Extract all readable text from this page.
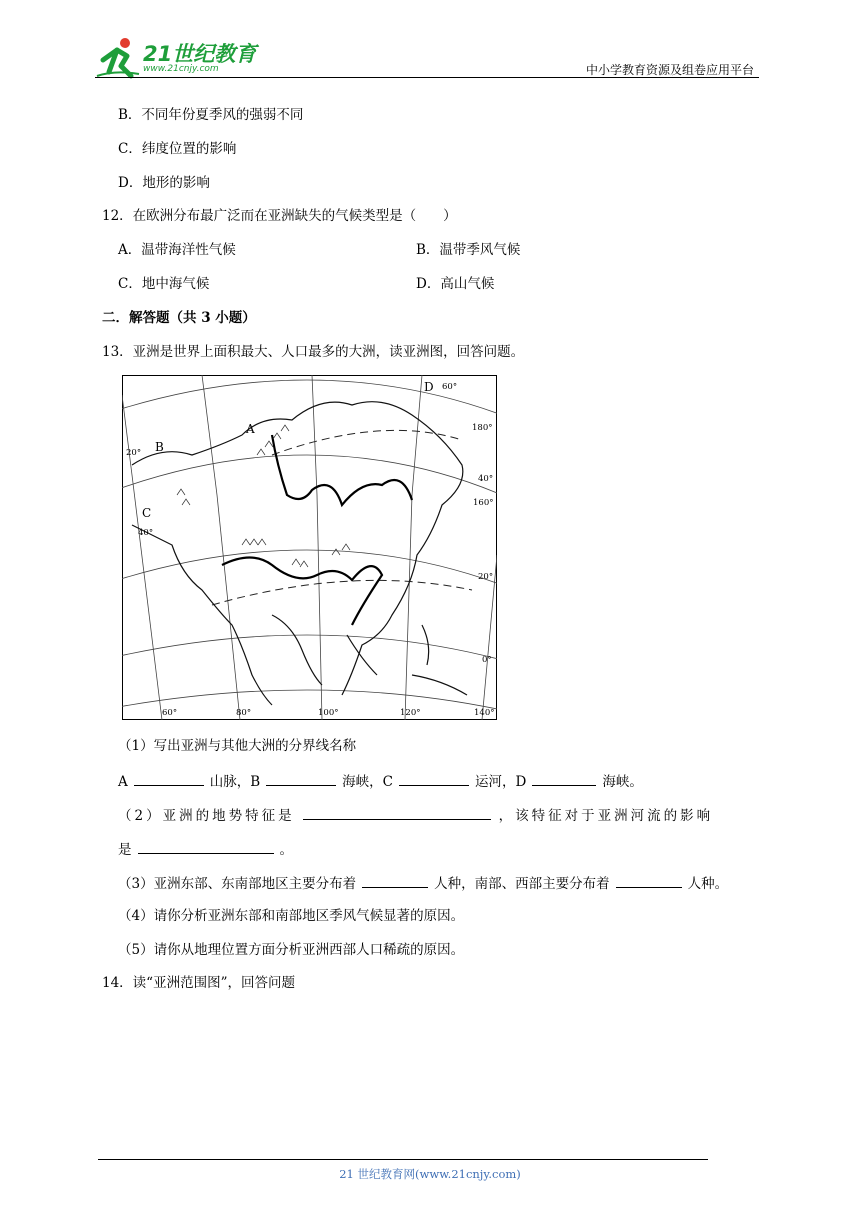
21世纪教育
www.21cnjy.com	中小学教育资源及组卷应用平台
B．不同年份夏季风的强弱不同
C．纬度位置的影响
D．地形的影响
12．在欧洲分布最广泛而在亚洲缺失的气候类型是（　　）
A．温带海洋性气候	B．温带季风气候
C．地中海气候	D．高山气候
二．解答题（共 3 小题）
13．亚洲是世界上面积最大、人口最多的大洲，读亚洲图，回答问题。
A
B
C
D
20°
40°
60°
180°
40°
160°
20°
0°
60°	80°	100°	120°	140°
（1）写出亚洲与其他大洲的分界线名称
A	山脉，B	海峡，C	运河，D	海峡。
（2）亚洲的地势特征是	，该特征对于亚洲河流的影响
是	。
（3）亚洲东部、东南部地区主要分布着	人种，南部、西部主要分布着	人种。
（4）请你分析亚洲东部和南部地区季风气候显著的原因。
（5）请你从地理位置方面分析亚洲西部人口稀疏的原因。
14．读“亚洲范围图”，回答问题
21 世纪教育网(www.21cnjy.com)
